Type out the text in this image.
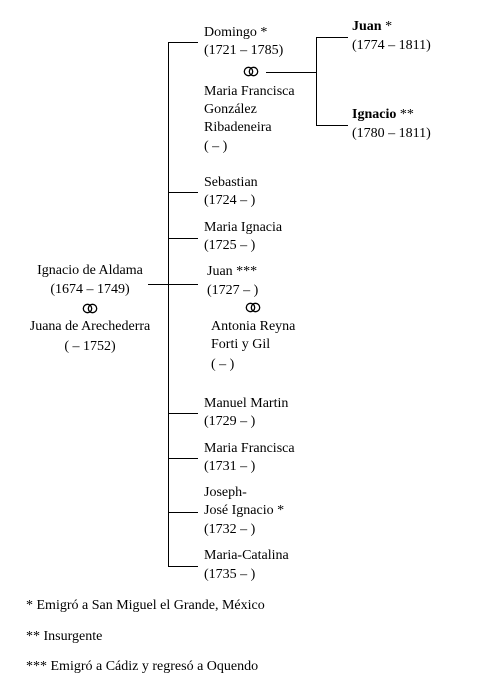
Ignacio de Aldama
(1674 – 1749)
Juana de Arechederra
( – 1752)
Domingo *
(1721 – 1785)
Maria Francisca
González
Ribadeneira
( – )
Sebastian
(1724 – )
Maria Ignacia
(1725 – )
Juan ***
(1727 – )
Antonia Reyna
Forti y Gil
( – )
Manuel Martin
(1729 – )
Maria Francisca
(1731 – )
Joseph-
José Ignacio *
(1732 – )
Maria-Catalina
(1735 – )
Juan *
(1774 – 1811)
Ignacio **
(1780 – 1811)
* Emigró a San Miguel el Grande, México
** Insurgente
*** Emigró a Cádiz y regresó a Oquendo
